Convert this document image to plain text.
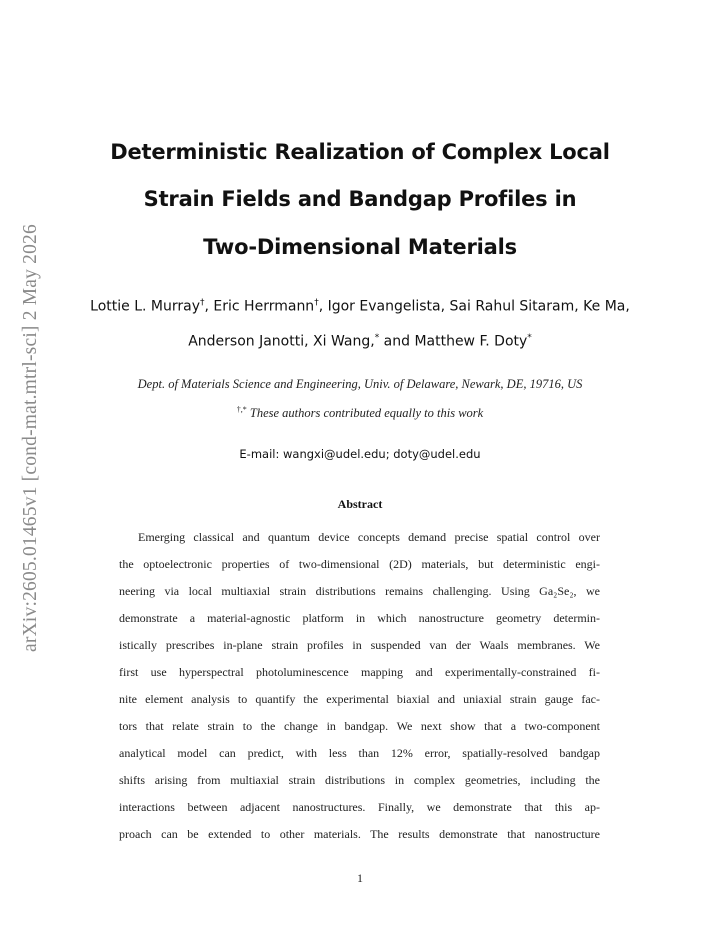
arXiv:2605.01465v1 [cond-mat.mtrl-sci] 2 May 2026
Deterministic Realization of Complex Local
Strain Fields and Bandgap Profiles in
Two-Dimensional Materials
Lottie L. Murray†, Eric Herrmann†, Igor Evangelista, Sai Rahul Sitaram, Ke Ma,
Anderson Janotti, Xi Wang,* and Matthew F. Doty*
Dept. of Materials Science and Engineering, Univ. of Delaware, Newark, DE, 19716, US
†,* These authors contributed equally to this work
E-mail: wangxi@udel.edu; doty@udel.edu
Abstract
Emerging classical and quantum device concepts demand precise spatial control over
the optoelectronic properties of two-dimensional (2D) materials, but deterministic engi-
neering via local multiaxial strain distributions remains challenging. Using Ga₂Se₂, we
demonstrate a material-agnostic platform in which nanostructure geometry determin-
istically prescribes in-plane strain profiles in suspended van der Waals membranes. We
first use hyperspectral photoluminescence mapping and experimentally-constrained fi-
nite element analysis to quantify the experimental biaxial and uniaxial strain gauge fac-
tors that relate strain to the change in bandgap. We next show that a two-component
analytical model can predict, with less than 12% error, spatially-resolved bandgap
shifts arising from multiaxial strain distributions in complex geometries, including the
interactions between adjacent nanostructures. Finally, we demonstrate that this ap-
proach can be extended to other materials. The results demonstrate that nanostructure
1
